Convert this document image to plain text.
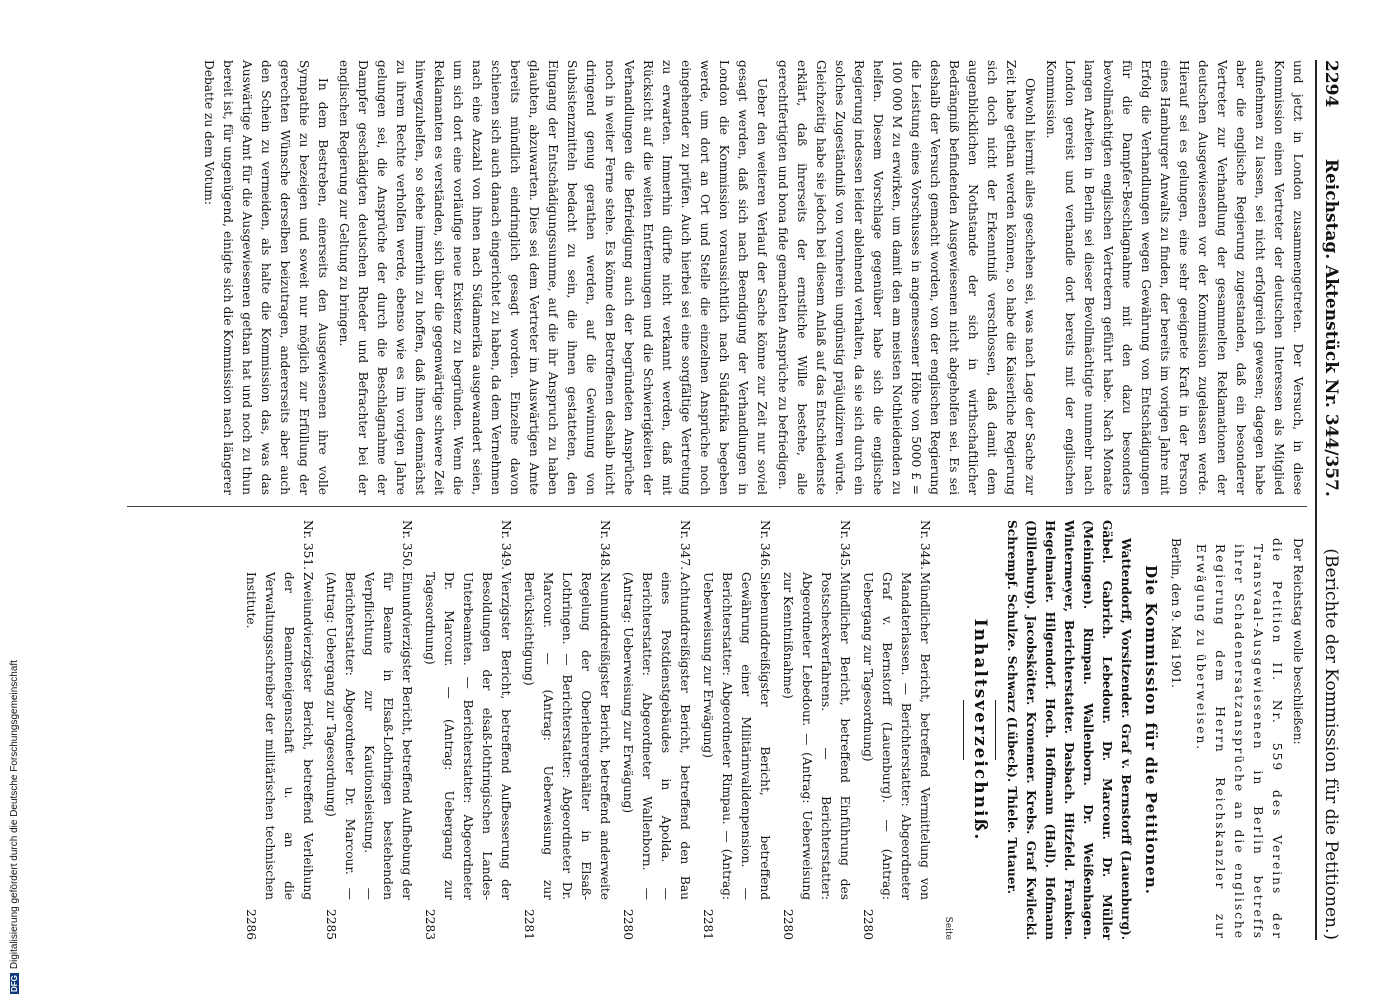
2294
Reichstag. Aktenstück Nr. 344/357.
(Berichte der Kommission für die Petitionen.)

und jetzt in London zusammengetreten. Der Versuch, in diese Kommission einen Vertreter der deutschen Interessen als Mitglied aufnehmen zu lassen, sei nicht erfolgreich gewesen; dagegen habe aber die englische Regierung zugestanden, daß ein besonderer Vertreter zur Verhandlung der gesammelten Reklamationen der deutschen Ausgewiesenen vor der Kommission zugelassen werde. Hierauf sei es gelungen, eine sehr geeignete Kraft in der Person eines Hamburger Anwalts zu finden, der bereits im vorigen Jahre mit Erfolg die Verhandlungen wegen Gewährung von Entschädigungen für die Dampfer-Beschlagnahme mit den dazu besonders bevollmächtigten englischen Vertretern geführt habe. Nach Monate langen Arbeiten in Berlin sei dieser Bevollmächtigte nunmehr nach London gereist und verhandle dort bereits mit der englischen Kommission.

Obwohl hiermit alles geschehen sei, was nach Lage der Sache zur Zeit habe gethan werden können, so habe die Kaiserliche Regierung sich doch nicht der Erkenntniß verschlossen, daß damit dem augenblicklichen Nothstande der sich in wirthschaftlicher Bedrängniß befindenden Ausgewiesenen nicht abgeholfen sei. Es sei deshalb der Versuch gemacht worden, von der englischen Regierung die Leistung eines Vorschusses in angemessener Höhe von 5000 £ = 100 000 M zu erwirken, um damit den am meisten Nothleidenden zu helfen. Diesem Vorschlage gegenüber habe sich die englische Regierung indessen leider ablehnend verhalten, da sie sich durch ein solches Zugeständniß von vornherein ungünstig präjudiziren würde. Gleichzeitig habe sie jedoch bei diesem Anlaß auf das Entschiedenste erklärt, daß ihrerseits der ernstliche Wille bestehe, alle gerechtfertigten und bona fide gemachten Ansprüche zu befriedigen.

Ueber den weiteren Verlauf der Sache könne zur Zeit nur soviel gesagt werden, daß sich nach Beendigung der Verhandlungen in London die Kommission voraussichtlich nach Südafrika begeben werde, um dort an Ort und Stelle die einzelnen Ansprüche noch eingehender zu prüfen. Auch hierbei sei eine sorgfältige Vertretung zu erwarten. Immerhin dürfte nicht verkannt werden, daß mit Rücksicht auf die weiten Entfernungen und die Schwierigkeiten der Verhandlungen die Befriedigung auch der begründeten Ansprüche noch in weiter Ferne stehe. Es könne den Betroffenen deshalb nicht dringend genug gerathen werden, auf die Gewinnung von Subsistenzmitteln bedacht zu sein, die ihnen gestatteten, den Eingang der Entschädigungssumme, auf die ihr Anspruch zu haben glaubten, abzuwarten. Dies sei dem Vertreter im Auswärtigen Amte bereits mündlich eindringlich gesagt worden. Einzelne davon schienen sich auch danach eingerichtet zu haben, da dem Vernehmen nach eine Anzahl von ihnen nach Südamerika ausgewandert seien, um sich dort eine vorläufige neue Existenz zu begründen. Wenn die Reklamanten es verständen, sich über die gegenwärtige schwere Zeit hinwegzuhelfen, so stehe immerhin zu hoffen, daß ihnen demnächst zu ihrem Rechte verholfen werde, ebenso wie es im vorigen Jahre gelungen sei, die Ansprüche der durch die Beschlagnahme der Dampfer geschädigten deutschen Rheder und Befrachter bei der englischen Regierung zur Geltung zu bringen.

In dem Bestreben, einerseits den Ausgewiesenen ihre volle Sympathie zu bezeigen und soweit nur möglich zur Erfüllung der gerechten Wünsche derselben beizutragen, andererseits aber auch den Schein zu vermeiden, als halte die Kommission das, was das Auswärtige Amt für die Ausgewiesenen gethan hat und noch zu thun bereit ist, für ungenügend, einigte sich die Kommission nach längerer Debatte zu dem Votum:

Der Reichstag wolle beschließen:

die Petition II. Nr. 559 des Vereins der Transvaal-Ausgewiesenen in Berlin betreffs ihrer Schadenersatzansprüche an die englische Regierung dem Herrn Reichskanzler zur Erwägung zu überweisen.

Berlin, den 9. Mai 1901.

Die Kommission für die Petitionen.

Wattendorff, Vorsitzender. Graf v. Bernstorff (Lauenburg). Gäbel. Gabrich. Lebedour. Dr. Marcour. Dr. Müller (Meiningen). Rimpau. Wallenborn. Dr. Weißenhagen. Wintermeyer, Berichterstatter. Dasbach. Hitzfeld. Franken. Hegelmaier. Hilgendorf. Hoch. Hoffmann (Hall). Hofmann (Dillenburg). Jacobskötter. Kronemer. Krebs. Graf Kwilecki. Schrempf. Schulze. Schwarz (Lübeck). Thiele. Tutauer.

Inhaltsverzeichniß.

Seite
Nr. 344.
Mündlicher Bericht, betreffend Vermittelung von Mandaterlassen. — Berichterstatter: Abgeordneter Graf v. Bernstorff (Lauenburg). — (Antrag: Uebergang zur Tagesordnung)
2280
Nr. 345.
Mündlicher Bericht, betreffend Einführung des Postscheckverfahrens. — Berichterstatter: Abgeordneter Lebedour. — (Antrag: Ueberweisung zur Kenntnißnahme)
2280
Nr. 346.
Siebenunddreißigster Bericht, betreffend Gewährung einer Militärinvalidenpension. — Berichterstatter: Abgeordneter Rimpau. — (Antrag: Ueberweisung zur Erwägung)
2281
Nr. 347.
Achtunddreißigster Bericht, betreffend den Bau eines Postdienstgebäudes in Apolda. — Berichterstatter: Abgeordneter Wallenborn. — (Antrag: Ueberweisung zur Erwägung)
2280
Nr. 348.
Neununddreißigster Bericht, betreffend anderweite Regelung der Oberlehrergehälter in Elsaß-Lothringen. — Berichterstatter: Abgeordneter Dr. Marcour. — (Antrag: Ueberweisung zur Berücksichtigung)
2281
Nr. 349.
Vierzigster Bericht, betreffend Aufbesserung der Besoldungen der elsaß-lothringischen Landes-Unterbeamten. — Berichterstatter: Abgeordneter Dr. Marcour. — (Antrag: Uebergang zur Tagesordnung)
2283
Nr. 350.
Einundvierzigster Bericht, betreffend Aufhebung der für Beamte in Elsaß-Lothringen bestehenden Verpflichtung zur Kautionsleistung. — Berichterstatter: Abgeordneter Dr. Marcour. — (Antrag: Uebergang zur Tagesordnung)
2285
Nr. 351.
Zweiundvierzigster Bericht, betreffend Verleihung der Beamteneigenschaft u. an die Verwaltungsschreiber der militärischen technischen Institute.
2286
DFGDigitalisierung gefördert durch die Deutsche Forschungsgemeinschaft
